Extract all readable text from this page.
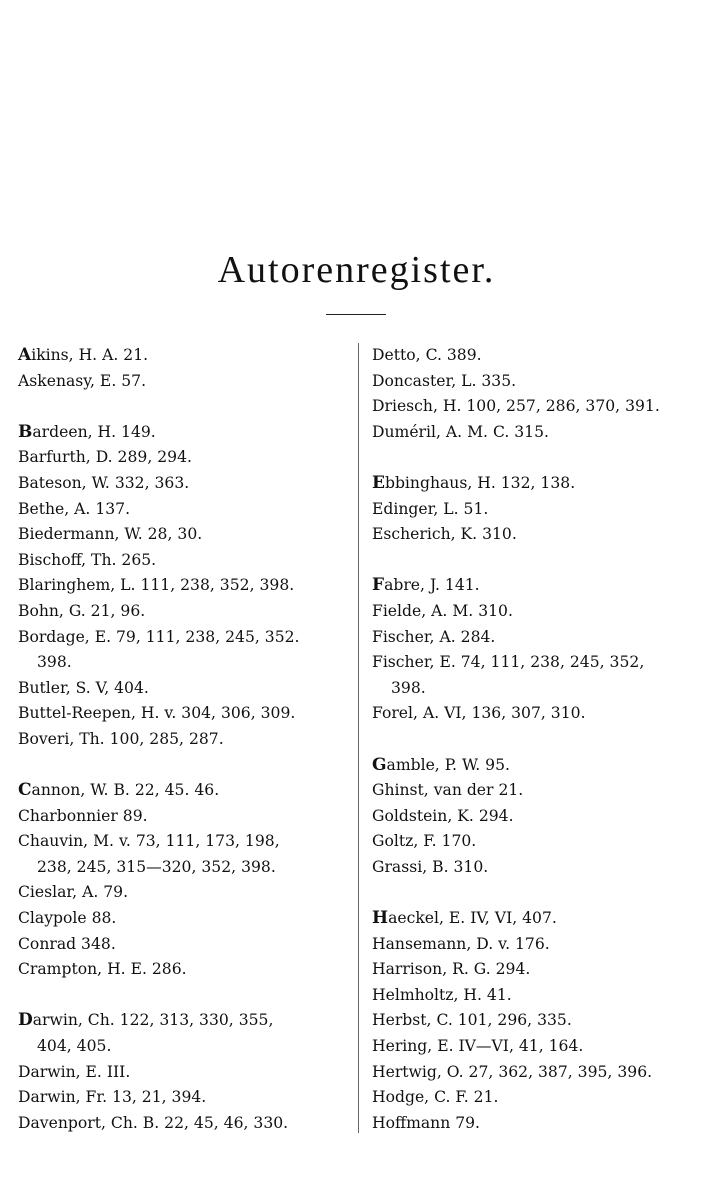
Autorenregister.
Aikins, H. A. 21.
Askenasy, E. 57.
Bardeen, H. 149.
Barfurth, D. 289, 294.
Bateson, W. 332, 363.
Bethe, A. 137.
Biedermann, W. 28, 30.
Bischoff, Th. 265.
Blaringhem, L. 111, 238, 352, 398.
Bohn, G. 21, 96.
Bordage, E. 79, 111, 238, 245, 352.
398.
Butler, S. V, 404.
Buttel-Reepen, H. v. 304, 306, 309.
Boveri, Th. 100, 285, 287.
Cannon, W. B. 22, 45. 46.
Charbonnier 89.
Chauvin, M. v. 73, 111, 173, 198,
238, 245, 315—320, 352, 398.
Cieslar, A. 79.
Claypole 88.
Conrad 348.
Crampton, H. E. 286.
Darwin, Ch. 122, 313, 330, 355,
404, 405.
Darwin, E. III.
Darwin, Fr. 13, 21, 394.
Davenport, Ch. B. 22, 45, 46, 330.
Detto, C. 389.
Doncaster, L. 335.
Driesch, H. 100, 257, 286, 370, 391.
Duméril, A. M. C. 315.
Ebbinghaus, H. 132, 138.
Edinger, L. 51.
Escherich, K. 310.
Fabre, J. 141.
Fielde, A. M. 310.
Fischer, A. 284.
Fischer, E. 74, 111, 238, 245, 352,
398.
Forel, A. VI, 136, 307, 310.
Gamble, P. W. 95.
Ghinst, van der 21.
Goldstein, K. 294.
Goltz, F. 170.
Grassi, B. 310.
Haeckel, E. IV, VI, 407.
Hansemann, D. v. 176.
Harrison, R. G. 294.
Helmholtz, H. 41.
Herbst, C. 101, 296, 335.
Hering, E. IV—VI, 41, 164.
Hertwig, O. 27, 362, 387, 395, 396.
Hodge, C. F. 21.
Hoffmann 79.
